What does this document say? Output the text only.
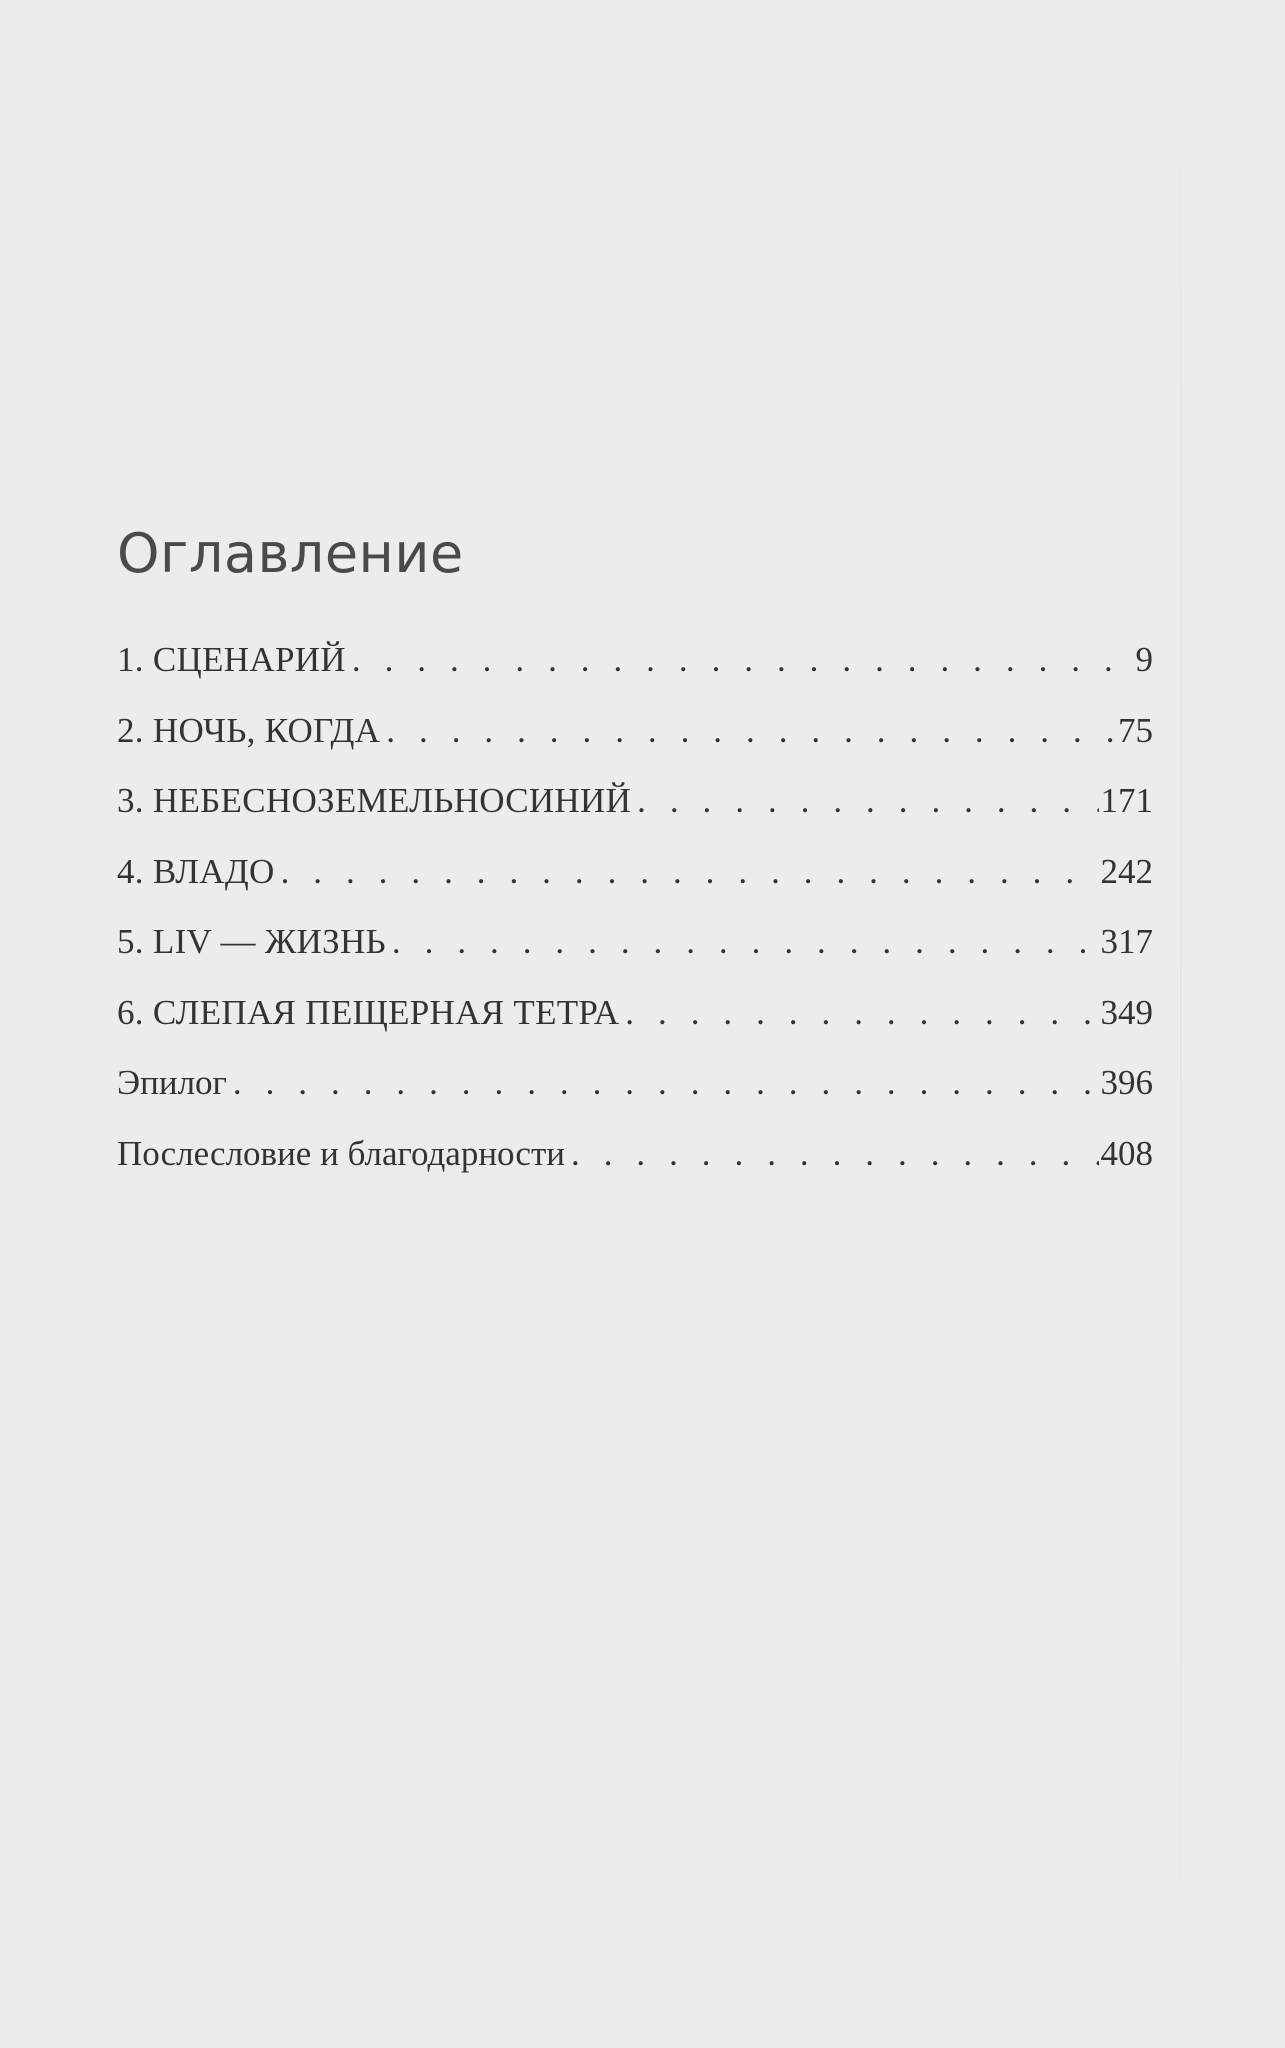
Оглавление
1. СЦЕНАРИЙ . . .	9
2. НОЧЬ, КОГДА . . .	75
3. НЕБЕСНОЗЕМЕЛЬНОСИНИЙ . . .	171
4. ВЛАДО . . .	242
5. LIV — ЖИЗНЬ . . .	317
6. СЛЕПАЯ ПЕЩЕРНАЯ ТЕТРА . . .	349
Эпилог . . .	396
Послесловие и благодарности . . .	408
